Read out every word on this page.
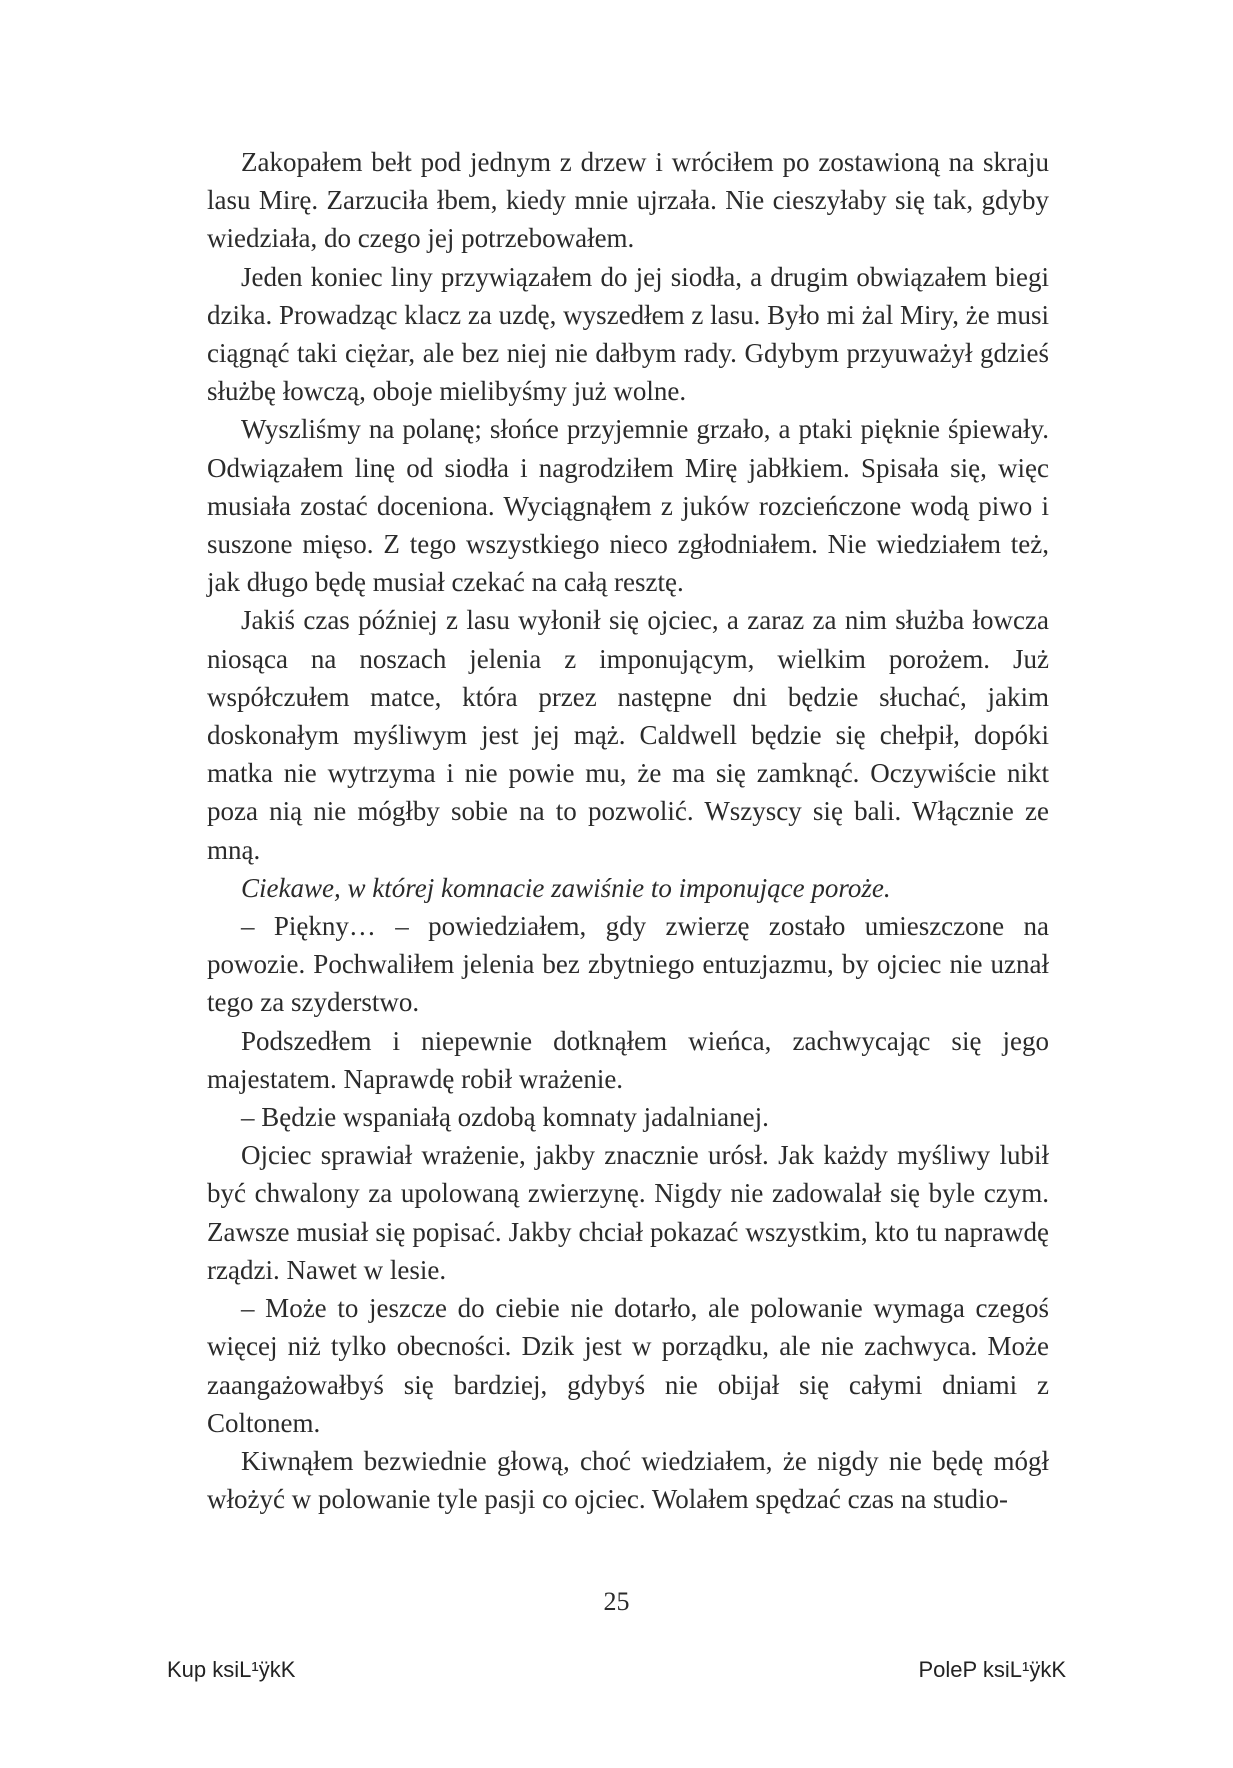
Zakopałem bełt pod jednym z drzew i wróciłem po zostawioną na skraju lasu Mirę. Zarzuciła łbem, kiedy mnie ujrzała. Nie cieszyłaby się tak, gdyby wiedziała, do czego jej potrzebowałem.

Jeden koniec liny przywiązałem do jej siodła, a drugim obwiązałem biegi dzika. Prowadząc klacz za uzdę, wyszedłem z lasu. Było mi żal Miry, że musi ciągnąć taki ciężar, ale bez niej nie dałbym rady. Gdybym przyuważył gdzieś służbę łowczą, oboje mielibyśmy już wolne.

Wyszliśmy na polanę; słońce przyjemnie grzało, a ptaki pięknie śpiewały. Odwiązałem linę od siodła i nagrodziłem Mirę jabłkiem. Spisała się, więc musiała zostać doceniona. Wyciągnąłem z juków rozcieńczone wodą piwo i suszone mięso. Z tego wszystkiego nieco zgłodniałem. Nie wiedziałem też, jak długo będę musiał czekać na całą resztę.

Jakiś czas później z lasu wyłonił się ojciec, a zaraz za nim służba łowcza niosąca na noszach jelenia z imponującym, wielkim porożem. Już współczułem matce, która przez następne dni będzie słuchać, jakim doskonałym myśliwym jest jej mąż. Caldwell będzie się chełpił, dopóki matka nie wytrzyma i nie powie mu, że ma się zamknąć. Oczywiście nikt poza nią nie mógłby sobie na to pozwolić. Wszyscy się bali. Włącznie ze mną.

Ciekawe, w której komnacie zawiśnie to imponujące poroże.

– Piękny… – powiedziałem, gdy zwierzę zostało umieszczone na powozie. Pochwaliłem jelenia bez zbytniego entuzjazmu, by ojciec nie uznał tego za szyderstwo.

Podszedłem i niepewnie dotknąłem wieńca, zachwycając się jego majestatem. Naprawdę robił wrażenie.

– Będzie wspaniałą ozdobą komnaty jadalnianej.

Ojciec sprawiał wrażenie, jakby znacznie urósł. Jak każdy myśliwy lubił być chwalony za upolowaną zwierzynę. Nigdy nie zadowalał się byle czym. Zawsze musiał się popisać. Jakby chciał pokazać wszystkim, kto tu naprawdę rządzi. Nawet w lesie.

– Może to jeszcze do ciebie nie dotarło, ale polowanie wymaga czegoś więcej niż tylko obecności. Dzik jest w porządku, ale nie zachwyca. Może zaangażowałbyś się bardziej, gdybyś nie obijał się całymi dniami z Coltonem.

Kiwnąłem bezwiednie głową, choć wiedziałem, że nigdy nie będę mógł włożyć w polowanie tyle pasji co ojciec. Wolałem spędzać czas na studio-

25
Kup ksiL¹ÿkK	PoleP ksiL¹ÿkK
